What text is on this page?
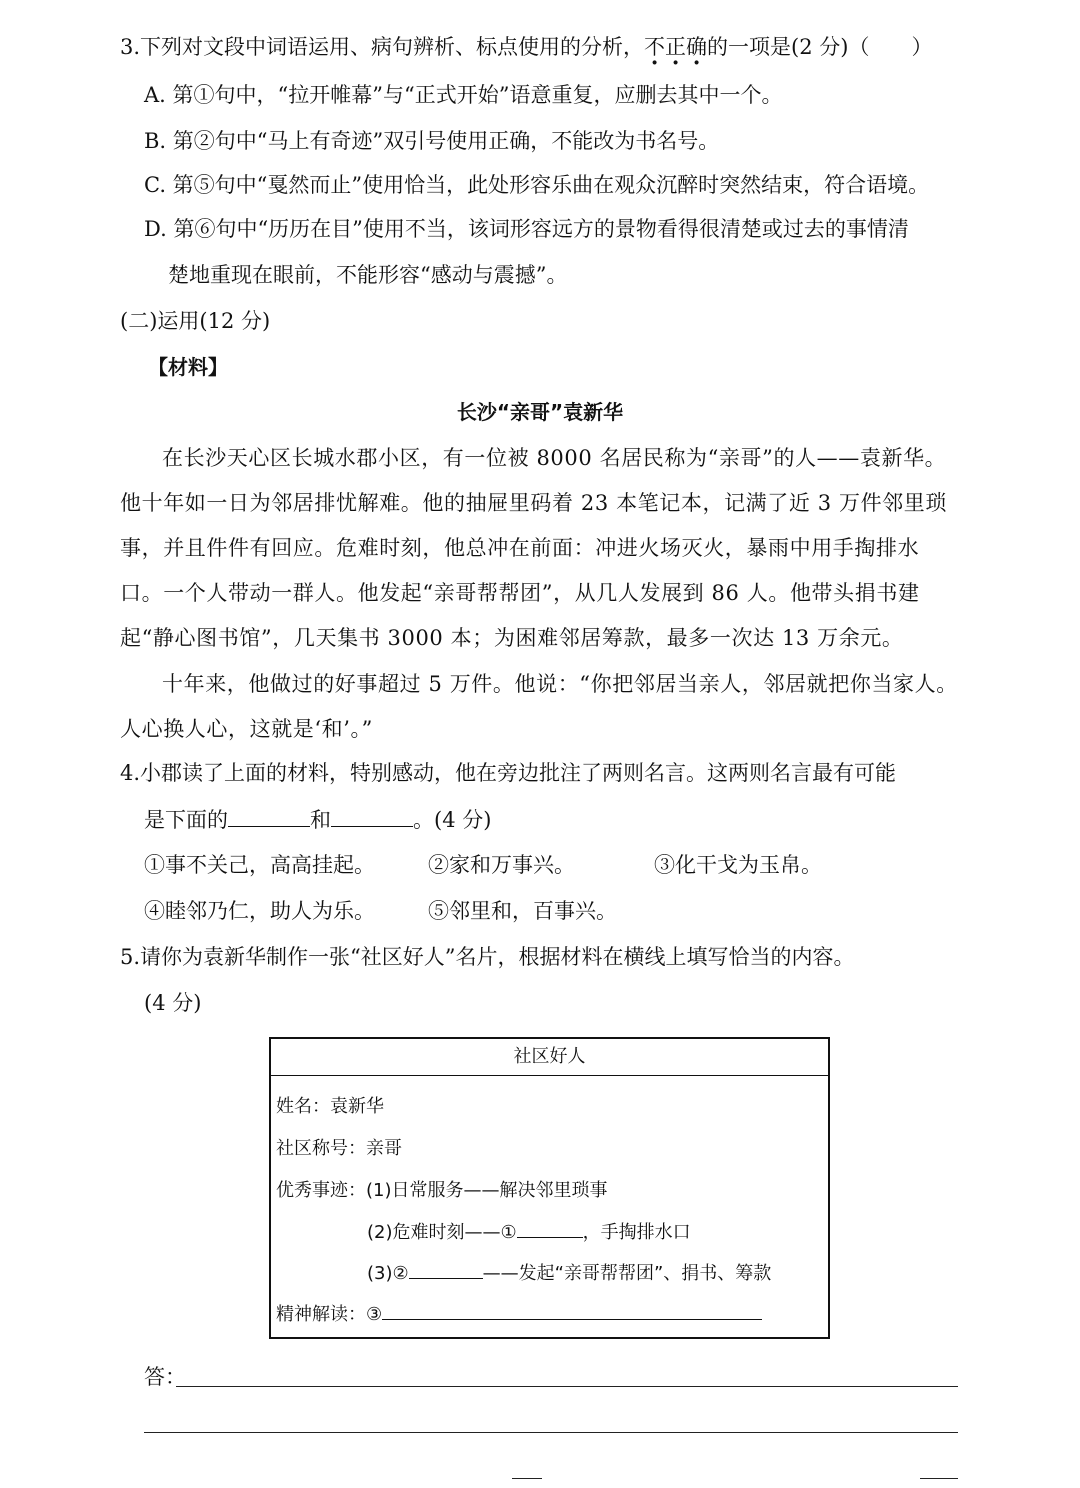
3.下列对文段中词语运用、病句辨析、标点使用的分析，不正确的一项是(2 分)（　　）
A. 第①句中，“拉开帷幕”与“正式开始”语意重复，应删去其中一个。
B. 第②句中“马上有奇迹”双引号使用正确，不能改为书名号。
C. 第⑤句中“戛然而止”使用恰当，此处形容乐曲在观众沉醉时突然结束，符合语境。
D. 第⑥句中“历历在目”使用不当，该词形容远方的景物看得很清楚或过去的事情清
楚地重现在眼前，不能形容“感动与震撼”。
(二)运用(12 分)
【材料】
长沙“亲哥”袁新华
在长沙天心区长城水郡小区，有一位被 8000 名居民称为“亲哥”的人——袁新华。他十年如一日为邻居排忧解难。他的抽屉里码着 23 本笔记本，记满了近 3 万件邻里琐事，并且件件有回应。危难时刻，他总冲在前面：冲进火场灭火，暴雨中用手掏排水口。一个人带动一群人。他发起“亲哥帮帮团”，从几人发展到 86 人。他带头捐书建起“静心图书馆”，几天集书 3000 本；为困难邻居筹款，最多一次达 13 万余元。
十年来，他做过的好事超过 5 万件。他说：“你把邻居当亲人，邻居就把你当家人。人心换人心，这就是‘和’。”
4.小郡读了上面的材料，特别感动，他在旁边批注了两则名言。这两则名言最有可能
是下面的	和	。(4 分)
①事不关己，高高挂起。	②家和万事兴。	③化干戈为玉帛。
④睦邻乃仁，助人为乐。	⑤邻里和，百事兴。
5.请你为袁新华制作一张“社区好人”名片，根据材料在横线上填写恰当的内容。
(4 分)
社区好人
姓名：袁新华
社区称号：亲哥
优秀事迹：(1)日常服务——解决邻里琐事
(2)危难时刻——①	，手掏排水口
(3)②	——发起“亲哥帮帮团”、捐书、筹款
精神解读：③
答：
